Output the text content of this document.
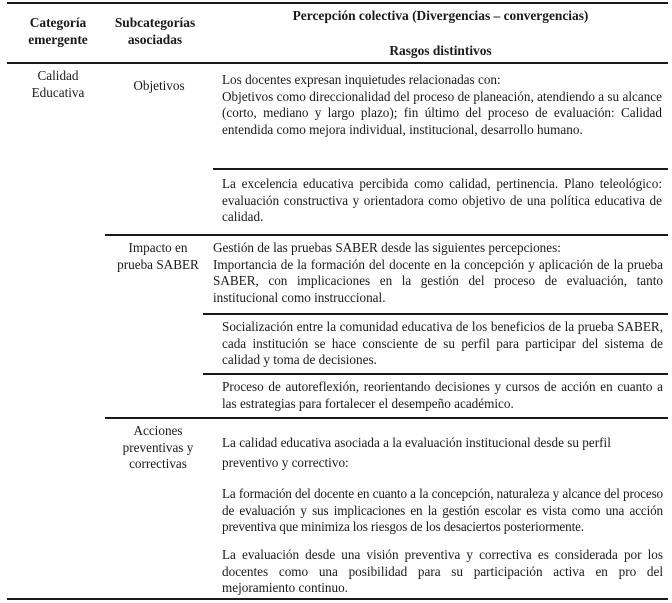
Categoría
emergente
Subcategorías
asociadas
Percepción colectiva (Divergencias – convergencias)
Rasgos distintivos
Calidad
Educativa	Objetivos	Los docentes expresan inquietudes relacionadas con:

Objetivos como direccionalidad del proceso de planeación, atendiendo a su alcance (corto, mediano y largo plazo); fin último del proceso de evaluación: Calidad entendida como mejora individual, institucional, desarrollo humano.

La excelencia educativa percibida como calidad, pertinencia. Plano teleológico: evaluación constructiva y orientadora como objetivo de una política educativa de calidad.
Impacto en
prueba SABER

Gestión de las pruebas SABER desde las siguientes percepciones:

Importancia de la formación del docente en la concepción y aplicación de la prueba SABER, con implicaciones en la gestión del proceso de evaluación, tanto institucional como instruccional.

Socialización entre la comunidad educativa de los beneficios de la prueba SABER, cada institución se hace consciente de su perfil para participar del sistema de calidad y toma de decisiones.
Proceso de autoreflexión, reorientando decisiones y cursos de acción en cuanto a las estrategias para fortalecer el desempeño académico.
Acciones
preventivas y
correctivas
La calidad educativa asociada a la evaluación institucional desde su perfil preventivo y correctivo:
La formación del docente en cuanto a la concepción, naturaleza y alcance del proceso de evaluación y sus implicaciones en la gestión escolar es vista como una acción preventiva que minimiza los riesgos de los desaciertos posteriormente.
La evaluación desde una visión preventiva y correctiva es considerada por los docentes como una posibilidad para su participación activa en pro del mejoramiento continuo.
